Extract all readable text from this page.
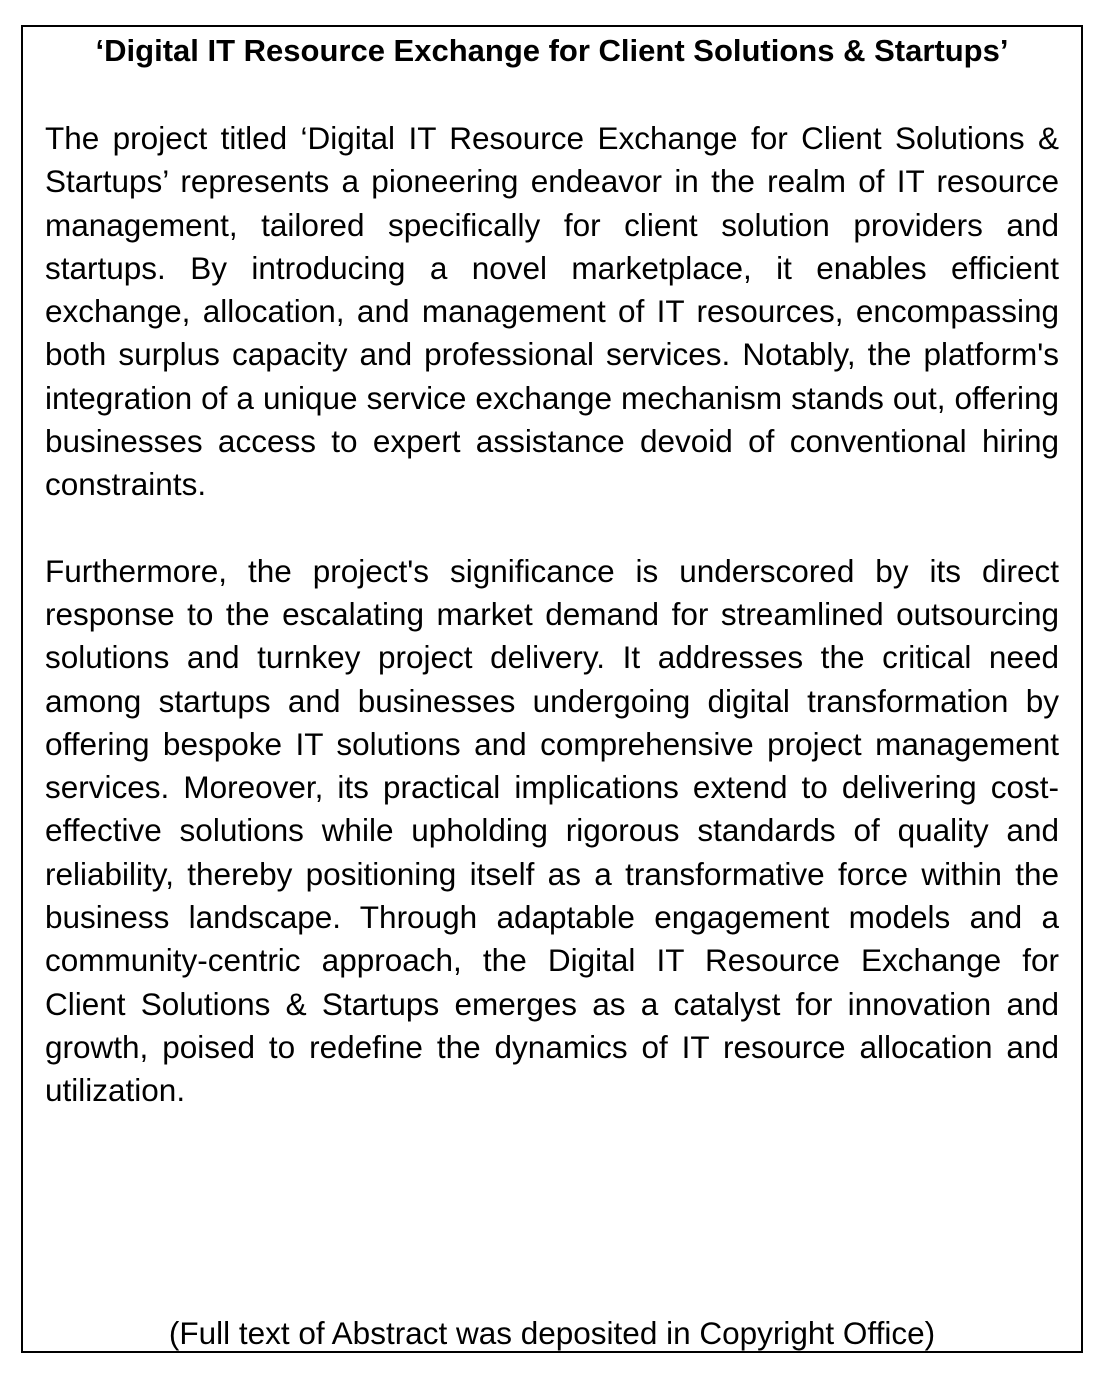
‘Digital IT Resource Exchange for Client Solutions & Startups’

The project titled ‘Digital IT Resource Exchange for Client Solutions & Startups’ represents a pioneering endeavor in the realm of IT resource management, tailored specifically for client solution providers and startups. By introducing a novel marketplace, it enables efficient exchange, allocation, and management of IT resources, encompassing both surplus capacity and professional services. Notably, the platform's integration of a unique service exchange mechanism stands out, offering businesses access to expert assistance devoid of conventional hiring constraints.

Furthermore, the project's significance is underscored by its direct response to the escalating market demand for streamlined outsourcing solutions and turnkey project delivery. It addresses the critical need among startups and businesses undergoing digital transformation by offering bespoke IT solutions and comprehensive project management services. Moreover, its practical implications extend to delivering cost-effective solutions while upholding rigorous standards of quality and reliability, thereby positioning itself as a transformative force within the business landscape. Through adaptable engagement models and a community-centric approach, the Digital IT Resource Exchange for Client Solutions & Startups emerges as a catalyst for innovation and growth, poised to redefine the dynamics of IT resource allocation and utilization.

(Full text of Abstract was deposited in Copyright Office)
